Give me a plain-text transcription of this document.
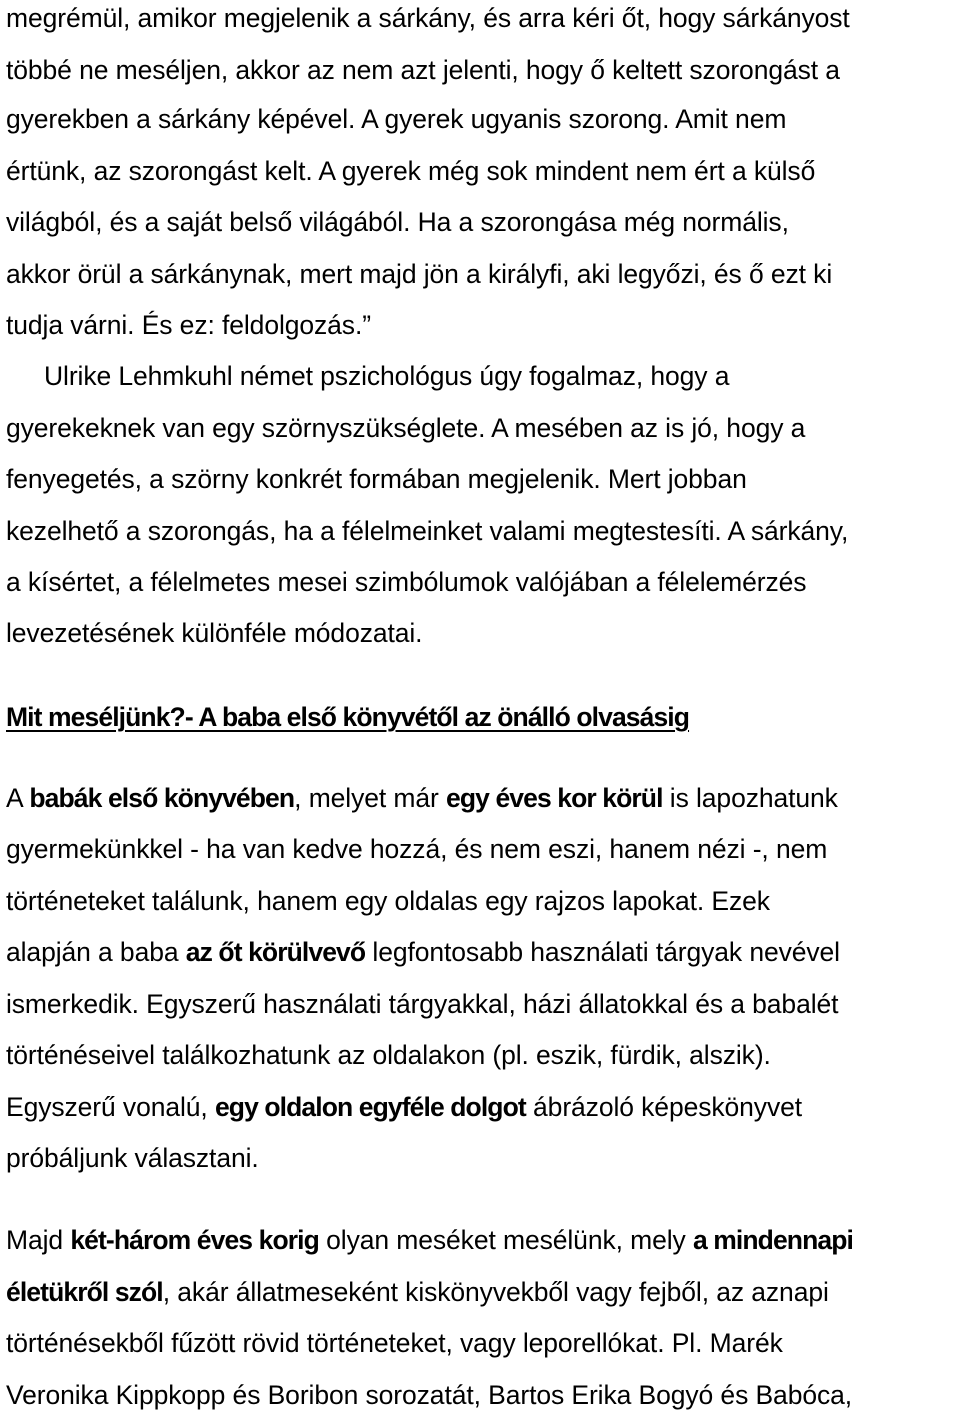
megrémül, amikor megjelenik a sárkány, és arra kéri őt, hogy sárkányost
többé ne meséljen, akkor az nem azt jelenti, hogy ő keltett szorongást a
gyerekben a sárkány képével. A gyerek ugyanis szorong. Amit nem
értünk, az szorongást kelt. A gyerek még sok mindent nem ért a külső
világból, és a saját belső világából. Ha a szorongása még normális,
akkor örül a sárkánynak, mert majd jön a királyfi, aki legyőzi, és ő ezt ki
tudja várni. És ez: feldolgozás.”
Ulrike Lehmkuhl német pszichológus úgy fogalmaz, hogy a
gyerekeknek van egy szörnyszükséglete. A mesében az is jó, hogy a
fenyegetés, a szörny konkrét formában megjelenik. Mert jobban
kezelhető a szorongás, ha a félelmeinket valami megtestesíti. A sárkány,
a kísértet, a félelmetes mesei szimbólumok valójában a félelemérzés
levezetésének különféle módozatai.
Mit meséljünk?- A baba első könyvétől az önálló olvasásig
A babák első könyvében, melyet már egy éves kor körül is lapozhatunk
gyermekünkkel - ha van kedve hozzá, és nem eszi, hanem nézi -, nem
történeteket találunk, hanem egy oldalas egy rajzos lapokat. Ezek
alapján a baba az őt körülvevő legfontosabb használati tárgyak nevével
ismerkedik. Egyszerű használati tárgyakkal, házi állatokkal és a babalét
történéseivel találkozhatunk az oldalakon (pl. eszik, fürdik, alszik).
Egyszerű vonalú, egy oldalon egyféle dolgot ábrázoló képeskönyvet
próbáljunk választani.
Majd két-három éves korig olyan meséket mesélünk, mely a mindennapi
életükről szól, akár állatmeseként kiskönyvekből vagy fejből, az aznapi
történésekből fűzött rövid történeteket, vagy leporellókat. Pl. Marék
Veronika Kippkopp és Boribon sorozatát, Bartos Erika Bogyó és Babóca,
